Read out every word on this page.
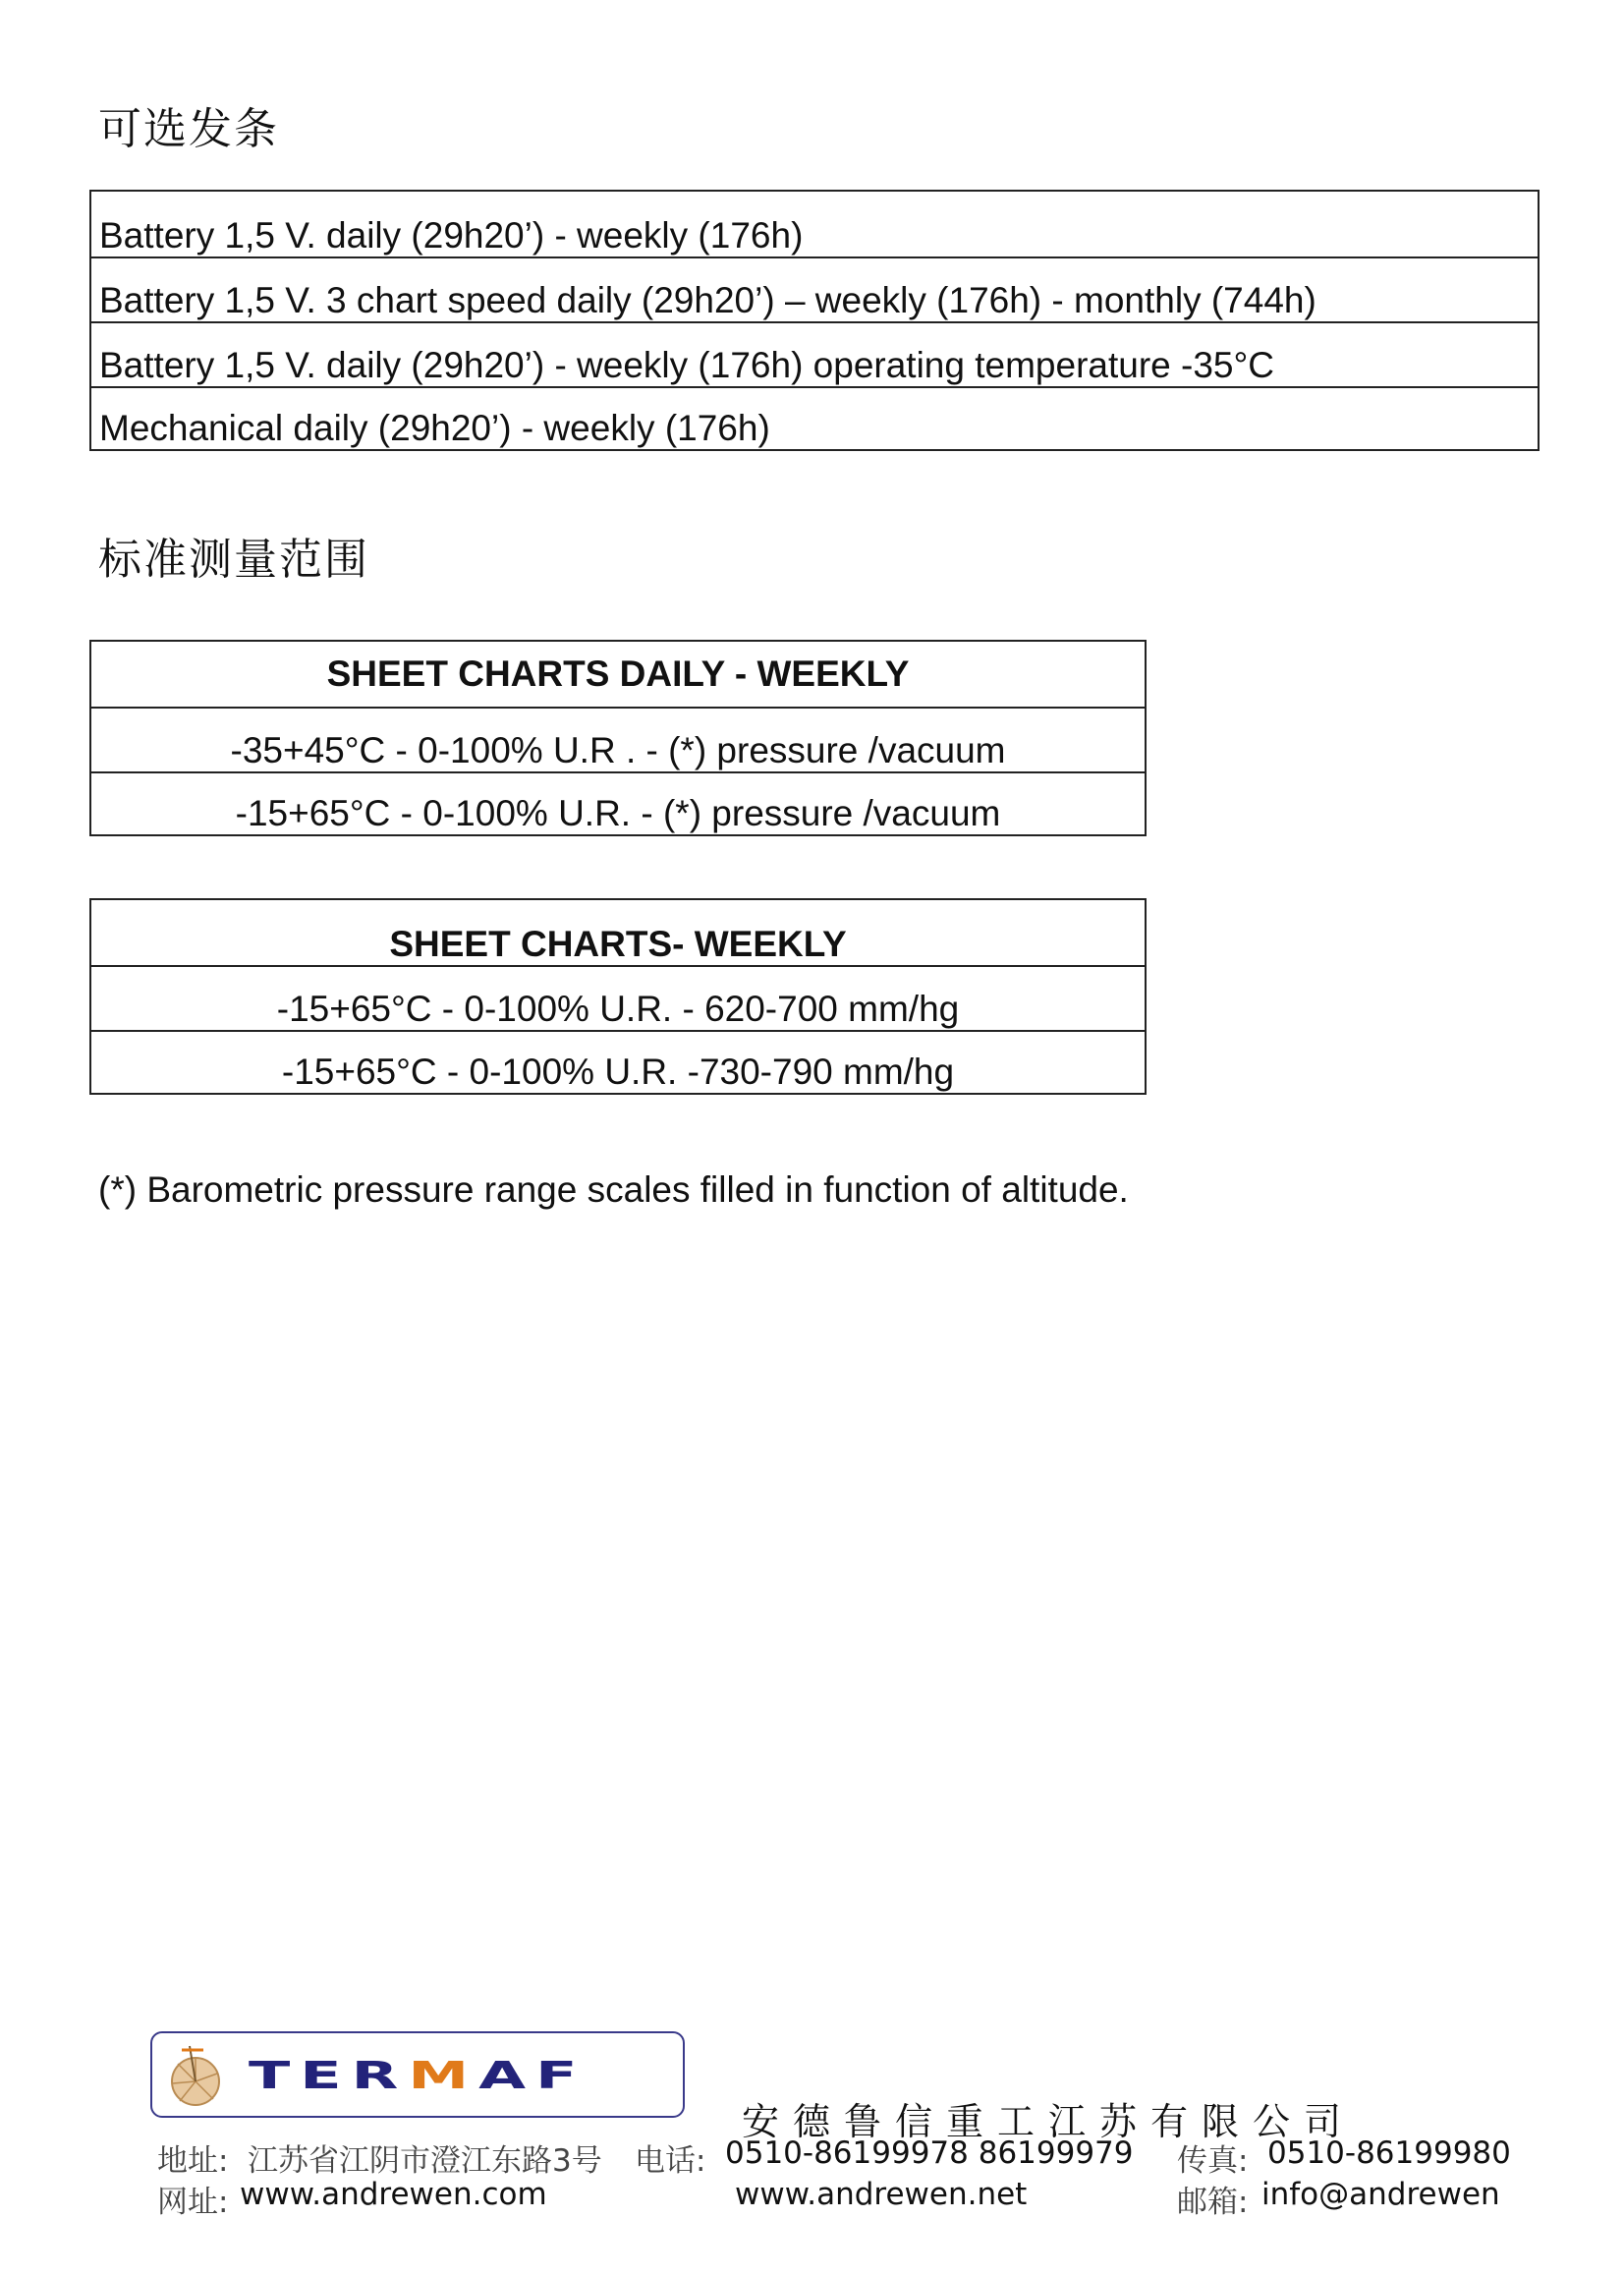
可选发条
Battery 1,5 V. daily (29h20’) - weekly (176h)
Battery 1,5 V. 3 chart speed daily (29h20’) – weekly (176h) - monthly (744h)
Battery 1,5 V. daily (29h20’) - weekly (176h) operating temperature -35°C
Mechanical daily (29h20’) - weekly (176h)
标准测量范围
SHEET CHARTS DAILY - WEEKLY
-35+45°C - 0-100% U.R . - (*) pressure /vacuum
-15+65°C - 0-100% U.R. - (*) pressure /vacuum
SHEET CHARTS- WEEKLY
-15+65°C - 0-100% U.R. - 620-700 mm/hg
-15+65°C - 0-100% U.R. -730-790 mm/hg

(*) Barometric pressure range scales filled in function of altitude.

TERMAF

安德鲁信重工江苏有限公司

地址: 江苏省江阴市澄江东路3号 电话: 0510-86199978 86199979 传真: 0510-86199980
网址: www.andrewen.com	www.andrewen.net	邮箱: info@andrewen
